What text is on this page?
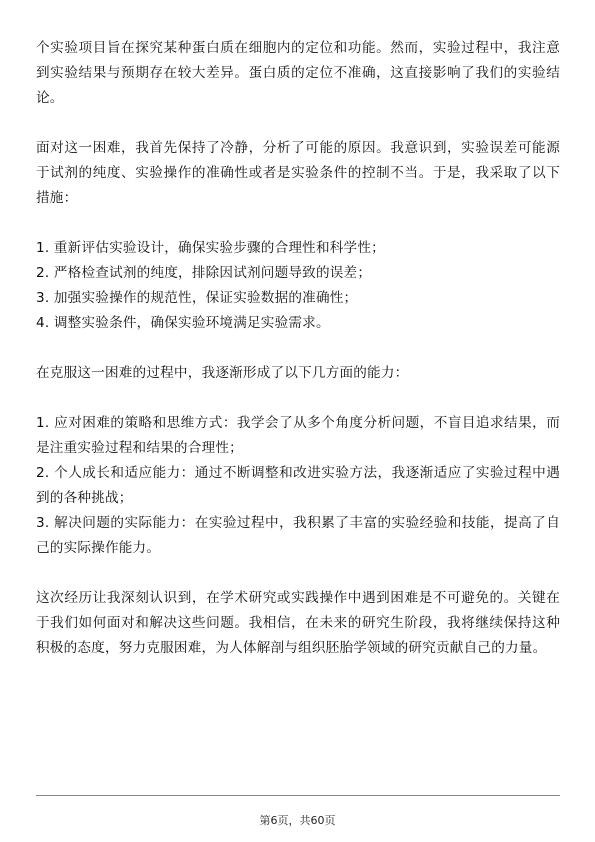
个实验项目旨在探究某种蛋白质在细胞内的定位和功能。然而，实验过程中，我注意到实验结果与预期存在较大差异。蛋白质的定位不准确，这直接影响了我们的实验结论。

面对这一困难，我首先保持了冷静，分析了可能的原因。我意识到，实验误差可能源于试剂的纯度、实验操作的准确性或者是实验条件的控制不当。于是，我采取了以下措施：

1. 重新评估实验设计，确保实验步骤的合理性和科学性；

2. 严格检查试剂的纯度，排除因试剂问题导致的误差；

3. 加强实验操作的规范性，保证实验数据的准确性；

4. 调整实验条件，确保实验环境满足实验需求。

在克服这一困难的过程中，我逐渐形成了以下几方面的能力：

1. 应对困难的策略和思维方式：我学会了从多个角度分析问题，不盲目追求结果，而是注重实验过程和结果的合理性；

2. 个人成长和适应能力：通过不断调整和改进实验方法，我逐渐适应了实验过程中遇到的各种挑战；

3. 解决问题的实际能力：在实验过程中，我积累了丰富的实验经验和技能，提高了自己的实际操作能力。

这次经历让我深刻认识到，在学术研究或实践操作中遇到困难是不可避免的。关键在于我们如何面对和解决这些问题。我相信，在未来的研究生阶段，我将继续保持这种积极的态度，努力克服困难，为人体解剖与组织胚胎学领域的研究贡献自己的力量。

第6页，共60页
